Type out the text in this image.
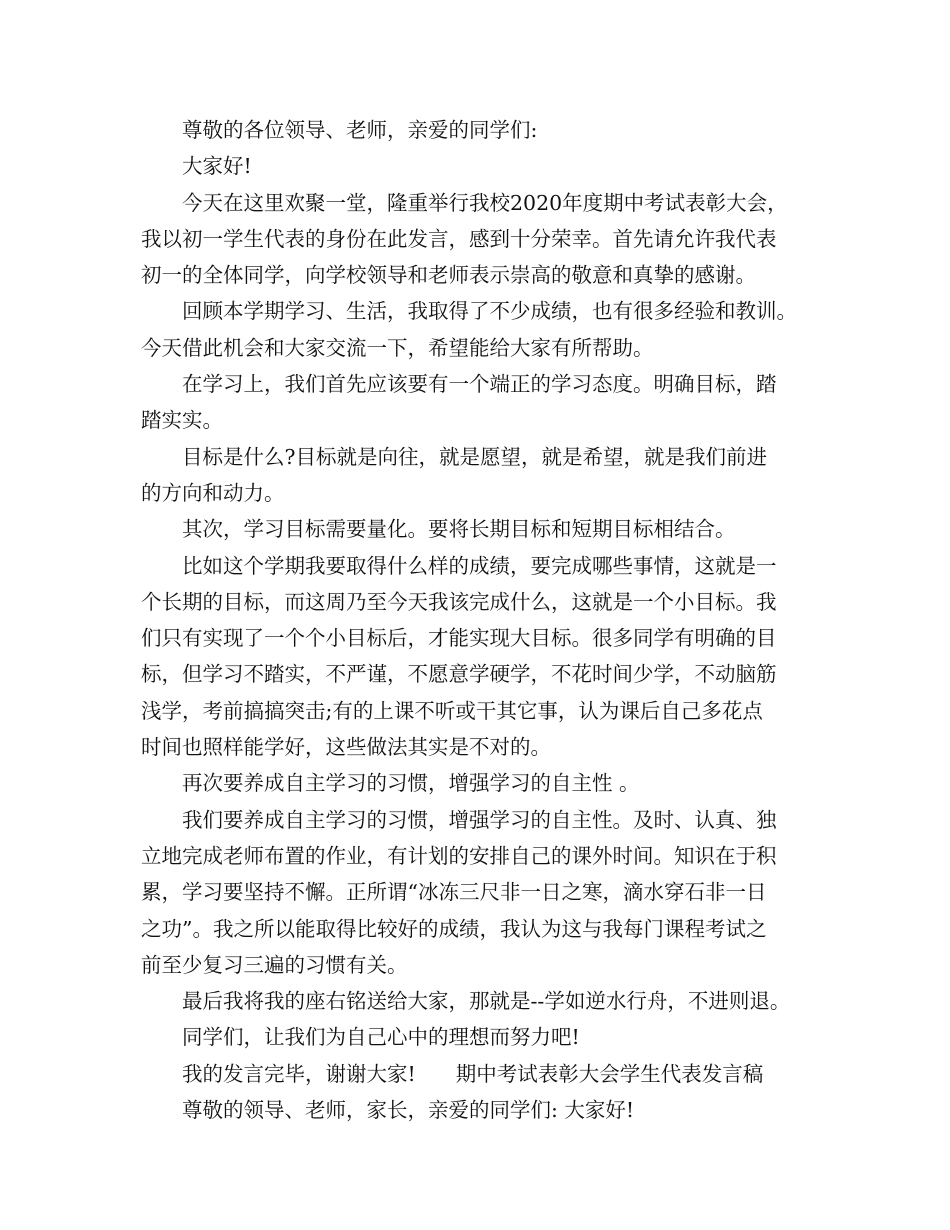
尊敬的各位领导、老师，亲爱的同学们:
大家好!
今天在这里欢聚一堂，隆重举行我校2020年度期中考试表彰大会，
我以初一学生代表的身份在此发言，感到十分荣幸。首先请允许我代表
初一的全体同学，向学校领导和老师表示崇高的敬意和真挚的感谢。
回顾本学期学习、生活，我取得了不少成绩，也有很多经验和教训。
今天借此机会和大家交流一下，希望能给大家有所帮助。
在学习上，我们首先应该要有一个端正的学习态度。明确目标，踏
踏实实。
目标是什么?目标就是向往，就是愿望，就是希望，就是我们前进
的方向和动力。
其次，学习目标需要量化。要将长期目标和短期目标相结合。
比如这个学期我要取得什么样的成绩，要完成哪些事情，这就是一
个长期的目标，而这周乃至今天我该完成什么，这就是一个小目标。我
们只有实现了一个个小目标后，才能实现大目标。很多同学有明确的目
标，但学习不踏实，不严谨，不愿意学硬学，不花时间少学，不动脑筋
浅学，考前搞搞突击;有的上课不听或干其它事，认为课后自己多花点
时间也照样能学好，这些做法其实是不对的。
再次要养成自主学习的习惯，增强学习的自主性 。
我们要养成自主学习的习惯，增强学习的自主性。及时、认真、独
立地完成老师布置的作业，有计划的安排自己的课外时间。知识在于积
累，学习要坚持不懈。正所谓“冰冻三尺非一日之寒，滴水穿石非一日
之功”。我之所以能取得比较好的成绩，我认为这与我每门课程考试之
前至少复习三遍的习惯有关。
最后我将我的座右铭送给大家，那就是--学如逆水行舟，不进则退。
同学们，让我们为自己心中的理想而努力吧!
我的发言完毕，谢谢大家! 期中考试表彰大会学生代表发言稿
尊敬的领导、老师，家长，亲爱的同学们: 大家好!
